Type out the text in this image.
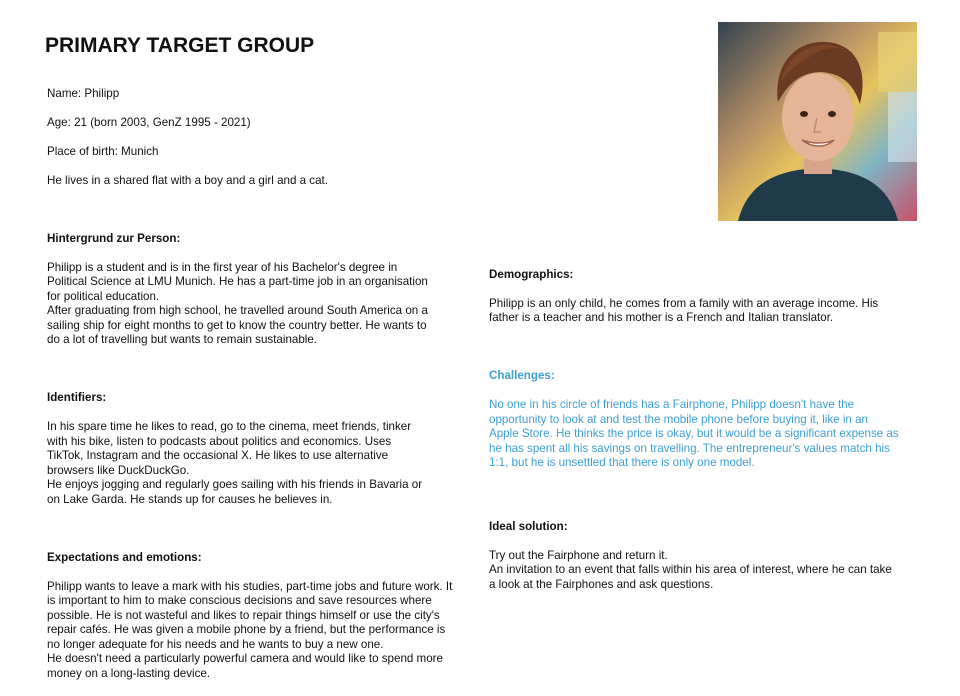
PRIMARY TARGET GROUP

Name: Philipp

Age: 21 (born 2003, GenZ 1995 - 2021)

Place of birth: Munich

He lives in a shared flat with a boy and a girl and a cat.

Hintergrund zur Person:

Philipp is a student and is in the first year of his Bachelor's degree in
Political Science at LMU Munich. He has a part-time job in an organisation
for political education.
After graduating from high school, he travelled around South America on a
sailing ship for eight months to get to know the country better. He wants to
do a lot of travelling but wants to remain sustainable.

Identifiers:

In his spare time he likes to read, go to the cinema, meet friends, tinker
with his bike, listen to podcasts about politics and economics. Uses
TikTok, Instagram and the occasional X. He likes to use alternative
browsers like DuckDuckGo.
He enjoys jogging and regularly goes sailing with his friends in Bavaria or
on Lake Garda. He stands up for causes he believes in.

Expectations and emotions:

Philipp wants to leave a mark with his studies, part-time jobs and future work. It
is important to him to make conscious decisions and save resources where
possible. He is not wasteful and likes to repair things himself or use the city's
repair cafés. He was given a mobile phone by a friend, but the performance is
no longer adequate for his needs and he wants to buy a new one.
He doesn't need a particularly powerful camera and would like to spend more
money on a long-lasting device.

Demographics:

Philipp is an only child, he comes from a family with an average income. His
father is a teacher and his mother is a French and Italian translator.

Challenges:

No one in his circle of friends has a Fairphone, Philipp doesn't have the
opportunity to look at and test the mobile phone before buying it, like in an
Apple Store. He thinks the price is okay, but it would be a significant expense as
he has spent all his savings on travelling. The entrepreneur's values match his
1:1, but he is unsettled that there is only one model.

Ideal solution:

Try out the Fairphone and return it.
An invitation to an event that falls within his area of interest, where he can take
a look at the Fairphones and ask questions.
